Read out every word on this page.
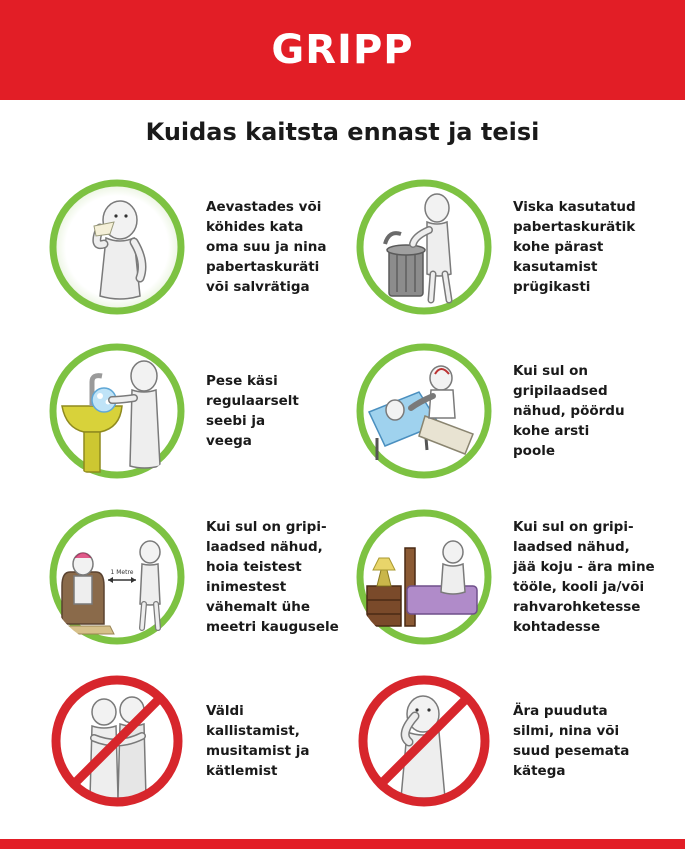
GRIPP
Kuidas kaitsta ennast ja teisi
Aevastades või
köhides kata
oma suu ja nina
pabertaskuräti
või salvrätiga
Viska kasutatud
pabertaskurätik
kohe pärast
kasutamist
prügikasti
Pese käsi
regulaarselt
seebi ja
veega
Kui sul on
gripilaadsed
nähud, pöördu
kohe arsti
poole
1 Metre
Kui sul on gripi-
laadsed nähud,
hoia teistest
inimestest
vähemalt ühe
meetri kaugusele
Kui sul on gripi-
laadsed nähud,
jää koju - ära mine
tööle, kooli ja/või
rahvarohketesse
kohtadesse
Väldi
kallistamist,
musitamist ja
kätlemist
Ära puuduta
silmi, nina või
suud pesemata
kätega
